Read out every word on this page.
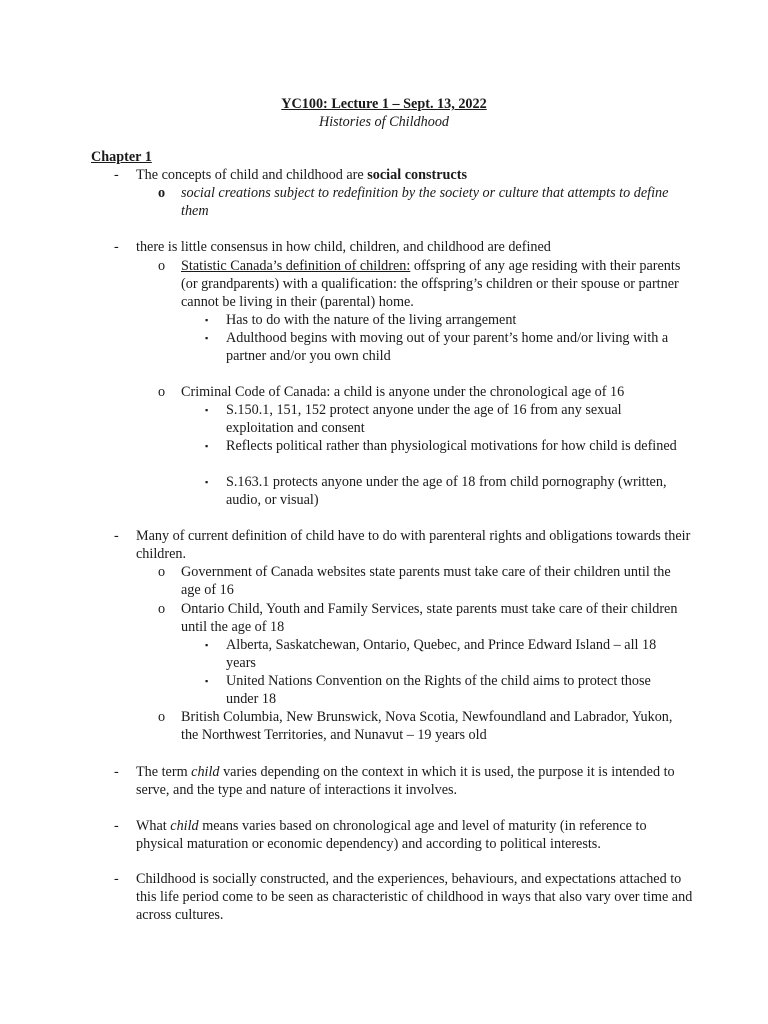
YC100: Lecture 1 – Sept. 13, 2022
Histories of Childhood
Chapter 1
- The concepts of child and childhood are social constructs
o social creations subject to redefinition by the society or culture that attempts to define them
- there is little consensus in how child, children, and childhood are defined
o Statistic Canada’s definition of children: offspring of any age residing with their parents (or grandparents) with a qualification: the offspring’s children or their spouse or partner cannot be living in their (parental) home.
▪ Has to do with the nature of the living arrangement
▪ Adulthood begins with moving out of your parent’s home and/or living with a partner and/or you own child
o Criminal Code of Canada: a child is anyone under the chronological age of 16
▪ S.150.1, 151, 152 protect anyone under the age of 16 from any sexual exploitation and consent
▪ Reflects political rather than physiological motivations for how child is defined
▪ S.163.1 protects anyone under the age of 18 from child pornography (written, audio, or visual)
- Many of current definition of child have to do with parenteral rights and obligations towards their children.
o Government of Canada websites state parents must take care of their children until the age of 16
o Ontario Child, Youth and Family Services, state parents must take care of their children until the age of 18
▪ Alberta, Saskatchewan, Ontario, Quebec, and Prince Edward Island – all 18 years
▪ United Nations Convention on the Rights of the child aims to protect those under 18
o British Columbia, New Brunswick, Nova Scotia, Newfoundland and Labrador, Yukon, the Northwest Territories, and Nunavut – 19 years old
- The term child varies depending on the context in which it is used, the purpose it is intended to serve, and the type and nature of interactions it involves.
- What child means varies based on chronological age and level of maturity (in reference to physical maturation or economic dependency) and according to political interests.
- Childhood is socially constructed, and the experiences, behaviours, and expectations attached to this life period come to be seen as characteristic of childhood in ways that also vary over time and across cultures.
